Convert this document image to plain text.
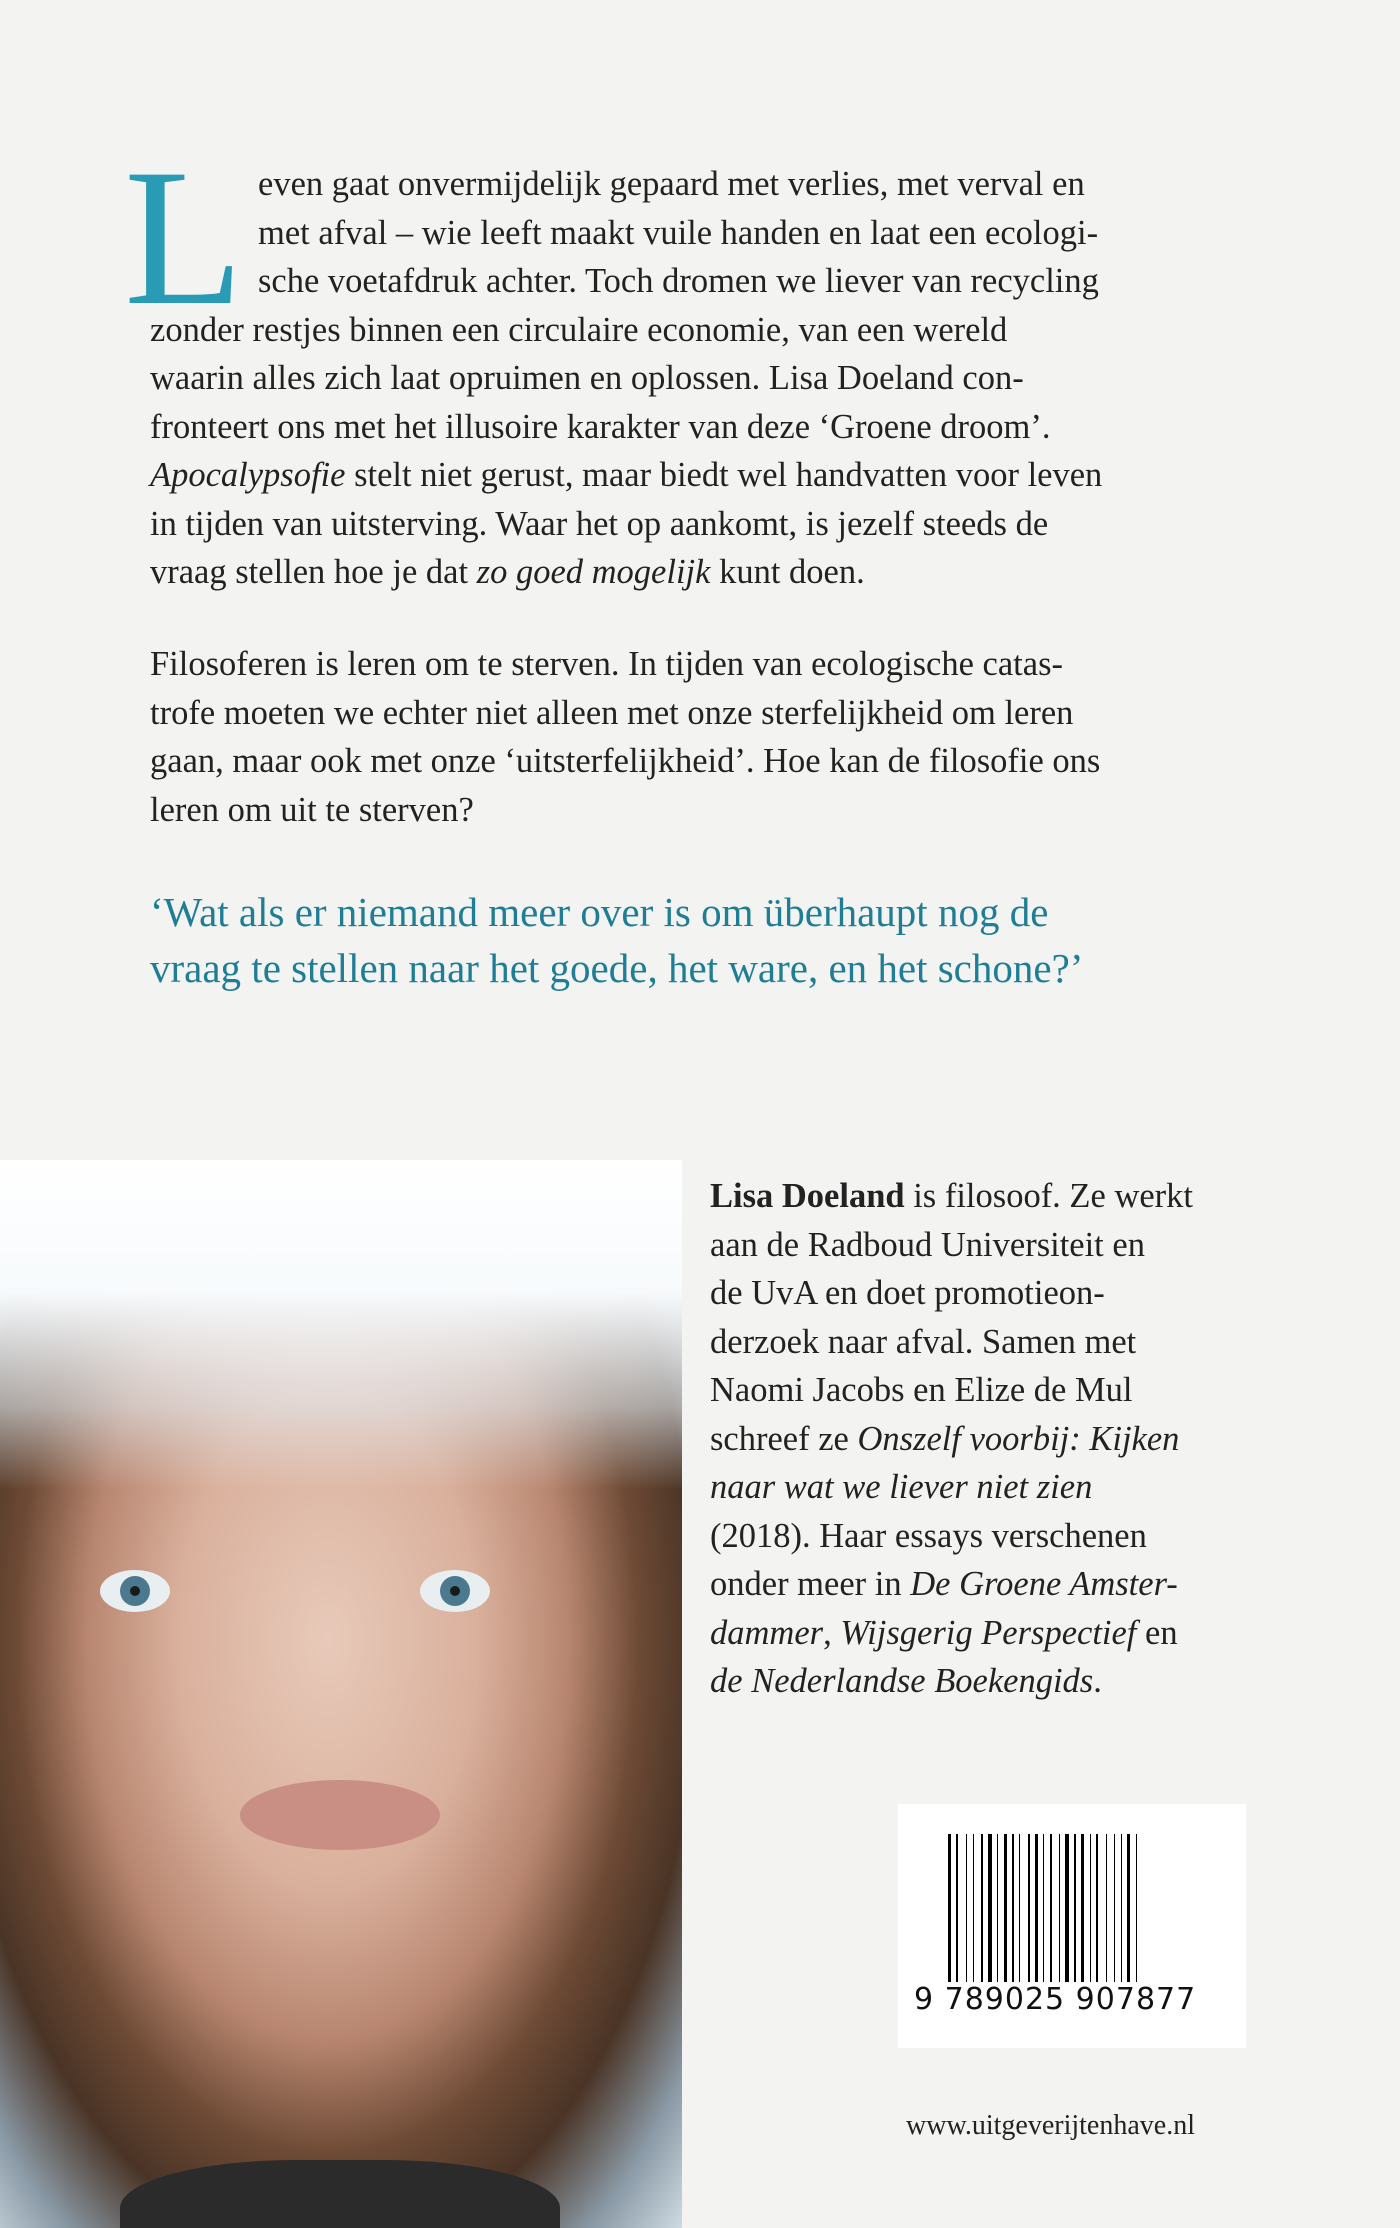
L even gaat onvermijdelijk gepaard met verlies, met verval en
met afval – wie leeft maakt vuile handen en laat een ecologi-
sche voetafdruk achter. Toch dromen we liever van recycling
zonder restjes binnen een circulaire economie, van een wereld
waarin alles zich laat opruimen en oplossen. Lisa Doeland con-
fronteert ons met het illusoire karakter van deze ‘Groene droom’.
Apocalypsofie stelt niet gerust, maar biedt wel handvatten voor leven
in tijden van uitsterving. Waar het op aankomt, is jezelf steeds de
vraag stellen hoe je dat zo goed mogelijk kunt doen.
Filosoferen is leren om te sterven. In tijden van ecologische catas-
trofe moeten we echter niet alleen met onze sterfelijkheid om leren
gaan, maar ook met onze ‘uitsterfelijkheid’. Hoe kan de filosofie ons
leren om uit te sterven?
‘Wat als er niemand meer over is om überhaupt nog de
vraag te stellen naar het goede, het ware, en het schone?’
Lisa Doeland is filosoof. Ze werkt
aan de Radboud Universiteit en
de UvA en doet promotieon-
derzoek naar afval. Samen met
Naomi Jacobs en Elize de Mul
schreef ze Onszelf voorbij: Kijken
naar wat we liever niet zien
(2018). Haar essays verschenen
onder meer in De Groene Amster-
dammer, Wijsgerig Perspectief en
de Nederlandse Boekengids.
9 789025 907877
www.uitgeverijtenhave.nl
